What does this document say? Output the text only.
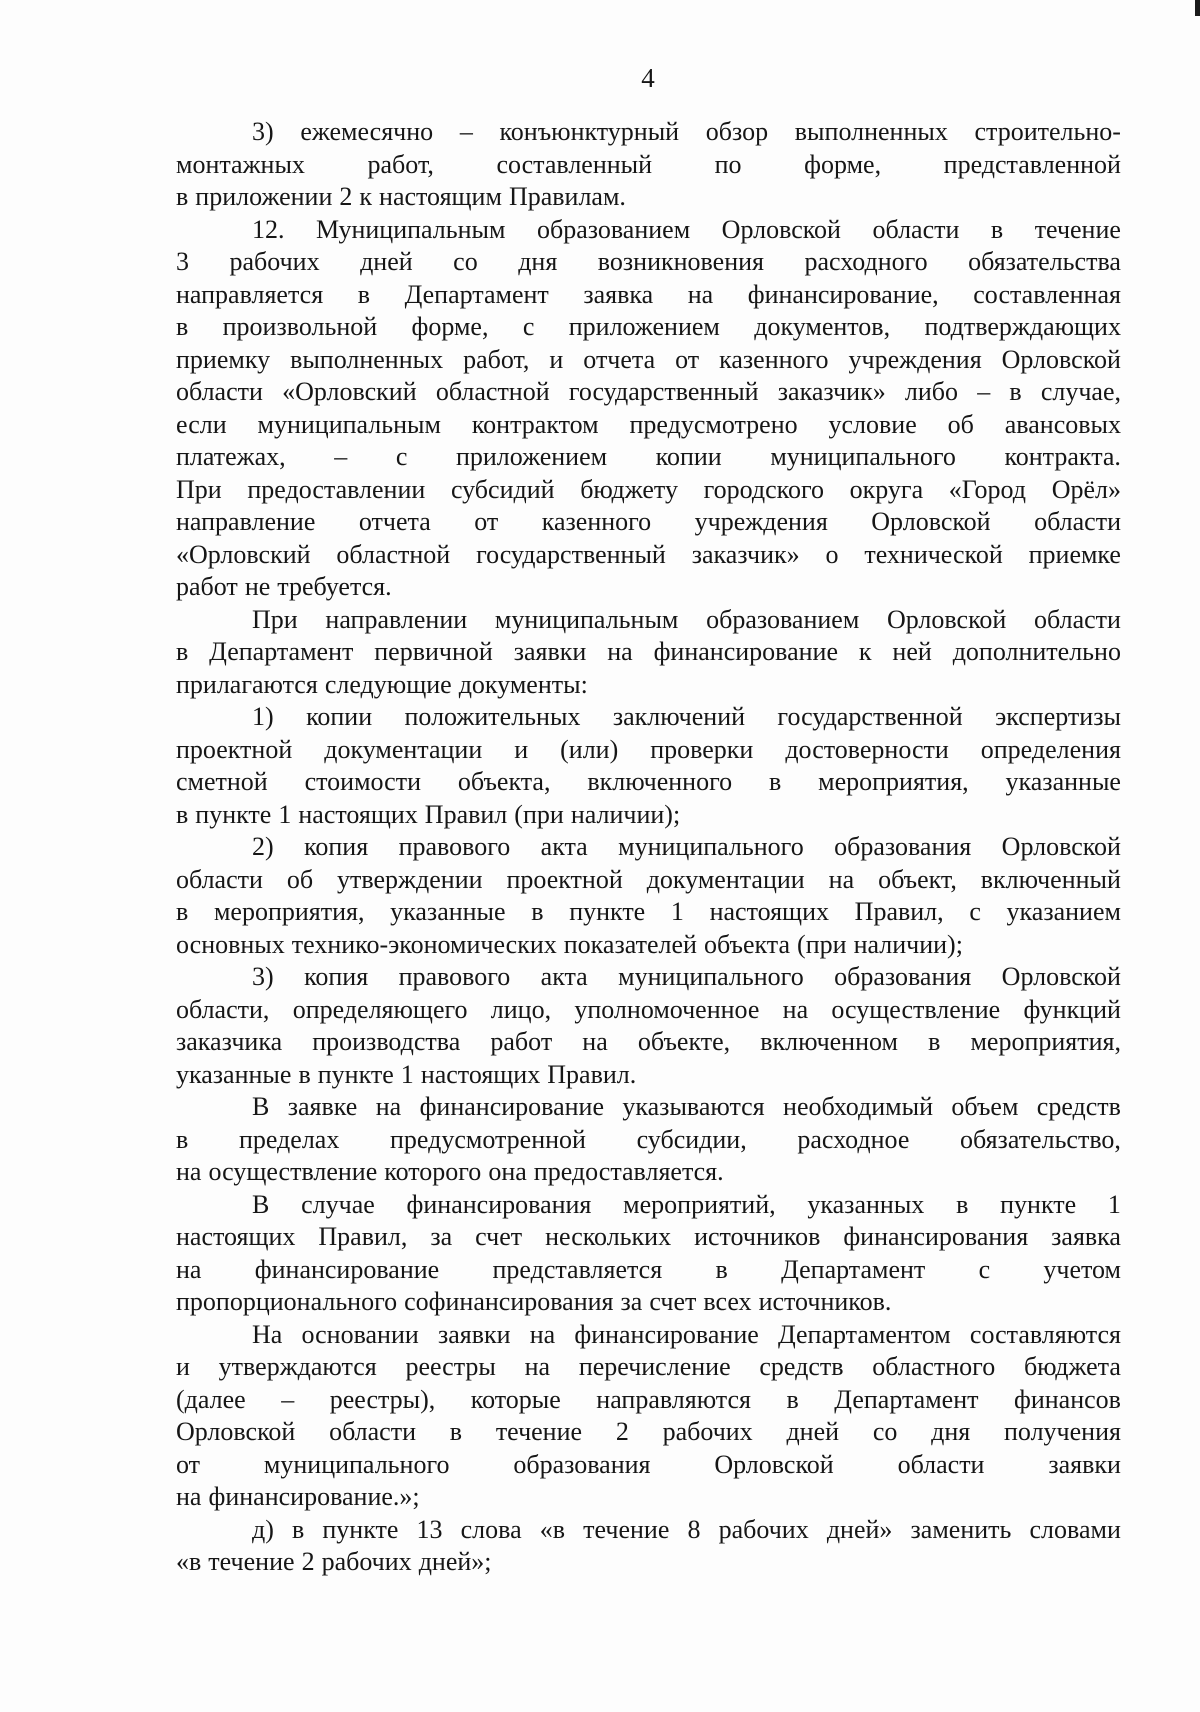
4
3) ежемесячно – конъюнктурный обзор выполненных строительно-
монтажных работ, составленный по форме, представленной
в приложении 2 к настоящим Правилам.
12. Муниципальным образованием Орловской области в течение
3 рабочих дней со дня возникновения расходного обязательства
направляется в Департамент заявка на финансирование, составленная
в произвольной форме, с приложением документов, подтверждающих
приемку выполненных работ, и отчета от казенного учреждения Орловской
области «Орловский областной государственный заказчик» либо – в случае,
если муниципальным контрактом предусмотрено условие об авансовых
платежах, – с приложением копии муниципального контракта.
При предоставлении субсидий бюджету городского округа «Город Орёл»
направление отчета от казенного учреждения Орловской области
«Орловский областной государственный заказчик» о технической приемке
работ не требуется.
При направлении муниципальным образованием Орловской области
в Департамент первичной заявки на финансирование к ней дополнительно
прилагаются следующие документы:
1) копии положительных заключений государственной экспертизы
проектной документации и (или) проверки достоверности определения
сметной стоимости объекта, включенного в мероприятия, указанные
в пункте 1 настоящих Правил (при наличии);
2) копия правового акта муниципального образования Орловской
области об утверждении проектной документации на объект, включенный
в мероприятия, указанные в пункте 1 настоящих Правил, с указанием
основных технико-экономических показателей объекта (при наличии);
3) копия правового акта муниципального образования Орловской
области, определяющего лицо, уполномоченное на осуществление функций
заказчика производства работ на объекте, включенном в мероприятия,
указанные в пункте 1 настоящих Правил.
В заявке на финансирование указываются необходимый объем средств
в пределах предусмотренной субсидии, расходное обязательство,
на осуществление которого она предоставляется.
В случае финансирования мероприятий, указанных в пункте 1
настоящих Правил, за счет нескольких источников финансирования заявка
на финансирование представляется в Департамент с учетом
пропорционального софинансирования за счет всех источников.
На основании заявки на финансирование Департаментом составляются
и утверждаются реестры на перечисление средств областного бюджета
(далее – реестры), которые направляются в Департамент финансов
Орловской области в течение 2 рабочих дней со дня получения
от муниципального образования Орловской области заявки
на финансирование.»;
д) в пункте 13 слова «в течение 8 рабочих дней» заменить словами
«в течение 2 рабочих дней»;
